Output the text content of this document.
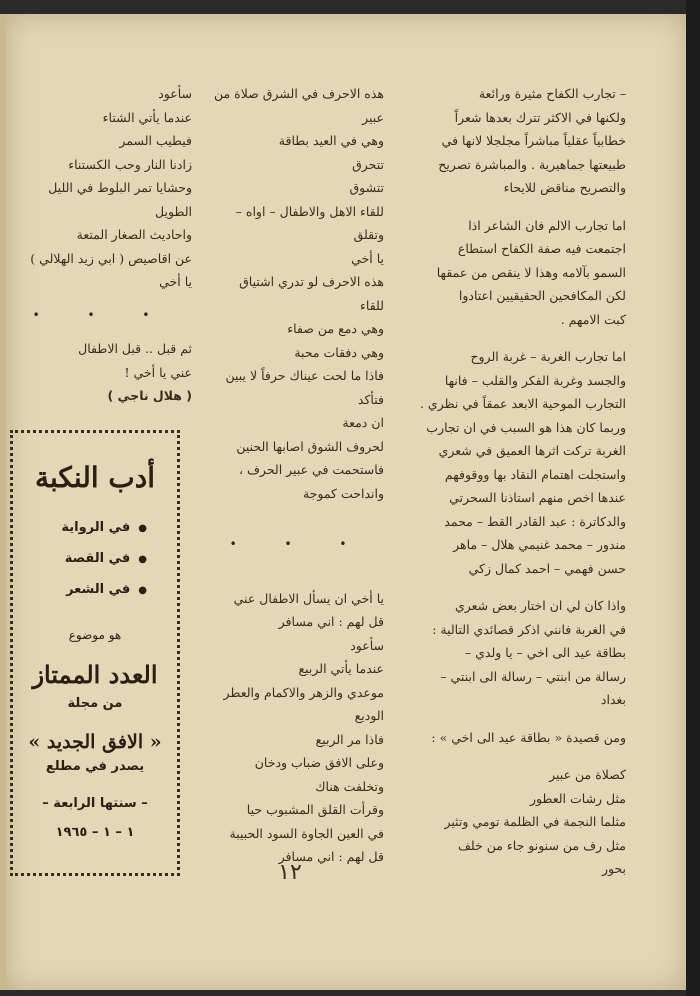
– تجارب الكفاح مثيرة ورائعة

ولكنها في الاكثر تترك بعدها شعراً

خطابياً عقلياً مباشراً مجلجلا لانها في

طبيعتها جماهيرية . والمباشرة تصريح

والتصريح مناقض للايحاء

اما تجارب الالم فان الشاعر اذا

اجتمعت فيه صفة الكفاح استطاع

السمو بآلامه وهذا لا ينقص من عمقها

لكن المكافحين الحقيقيين اعتادوا

كبت الامهم .

اما تجارب الغربة – غربة الروح

والجسد وغربة الفكر والقلب – فانها

التجارب الموحية الابعد عمقاً في نظري .

وربما كان هذا هو السبب في ان تجارب

الغربة تركت اثرها العميق في شعري

واستجلت اهتمام النقاد بها ووقوفهم

عندها اخص منهم استاذنا السحرتي

والدكاترة : عبد القادر القط – محمد

مندور – محمد غنيمي هلال – ماهر

حسن فهمي – احمد كمال زكي

واذا كان لي ان اختار بعض شعري

في الغربة فانني اذكر قصائدي التالية :

بطاقة عيد الى اخي – يا ولدي –

رسالة من ابنتي – رسالة الى ابنتي – بغداد

ومن قصيدة « بطاقة عيد الى اخي » :

كصلاة من عبير

مثل رشات العطور

مثلما النجمة في الظلمة تومي وتثير

مثل رف من سنونو جاء من خلف

بحور

هذه الاحرف في الشرق صلاة من

عبير

وهي في العيد بطاقة

تتحرق

تتشوق

للقاء الاهل والاطفال – اواه –

وتقلق

يا أخي

هذه الاحرف لو تدري اشتياق للقاء

وهي دمع من صفاء

وهي دفقات محبة

فاذا ما لحت عيناك حرفاً لا يبين

فتأكد

ان دمعة

لحروف الشوق اصابها الحنين

فاستحمت في عبير الحرف ،

وانداحت كموجة

• • •

يا أخي ان يسأل الاطفال عني

قل لهم : اني مسافر

سأعود

عندما يأتي الربيع

موعدي والزهر والاكمام والعطر

الوديع

فاذا مر الربيع

وعلى الافق ضباب ودخان

وتخلفت هناك

وقرأت القلق المشبوب حيا

في العين الجاوة السود الحبيبة

قل لهم : اني مسافر

سأعود

عندما يأتي الشتاء

فيطيب السمر

زادنا النار وحب الكستناء

وحشايا تمر البلوط في الليل

الطويل

واحاديث الصغار المتعة

عن اقاصيص ( ابي زيد الهلالي )

يا أخي

• • •

ثم قبل .. قبل الاطفال

عني يا أخي !

( هلال ناجي )

أدب النكبة
● في الرواية
● في القصة
● في الشعر
هو موضوع
العدد الممتاز
من مجلة
« الافق الجديد »
يصدر في مطلع
– سنتها الرابعة –
١ – ١ – ١٩٦٥
١٢
